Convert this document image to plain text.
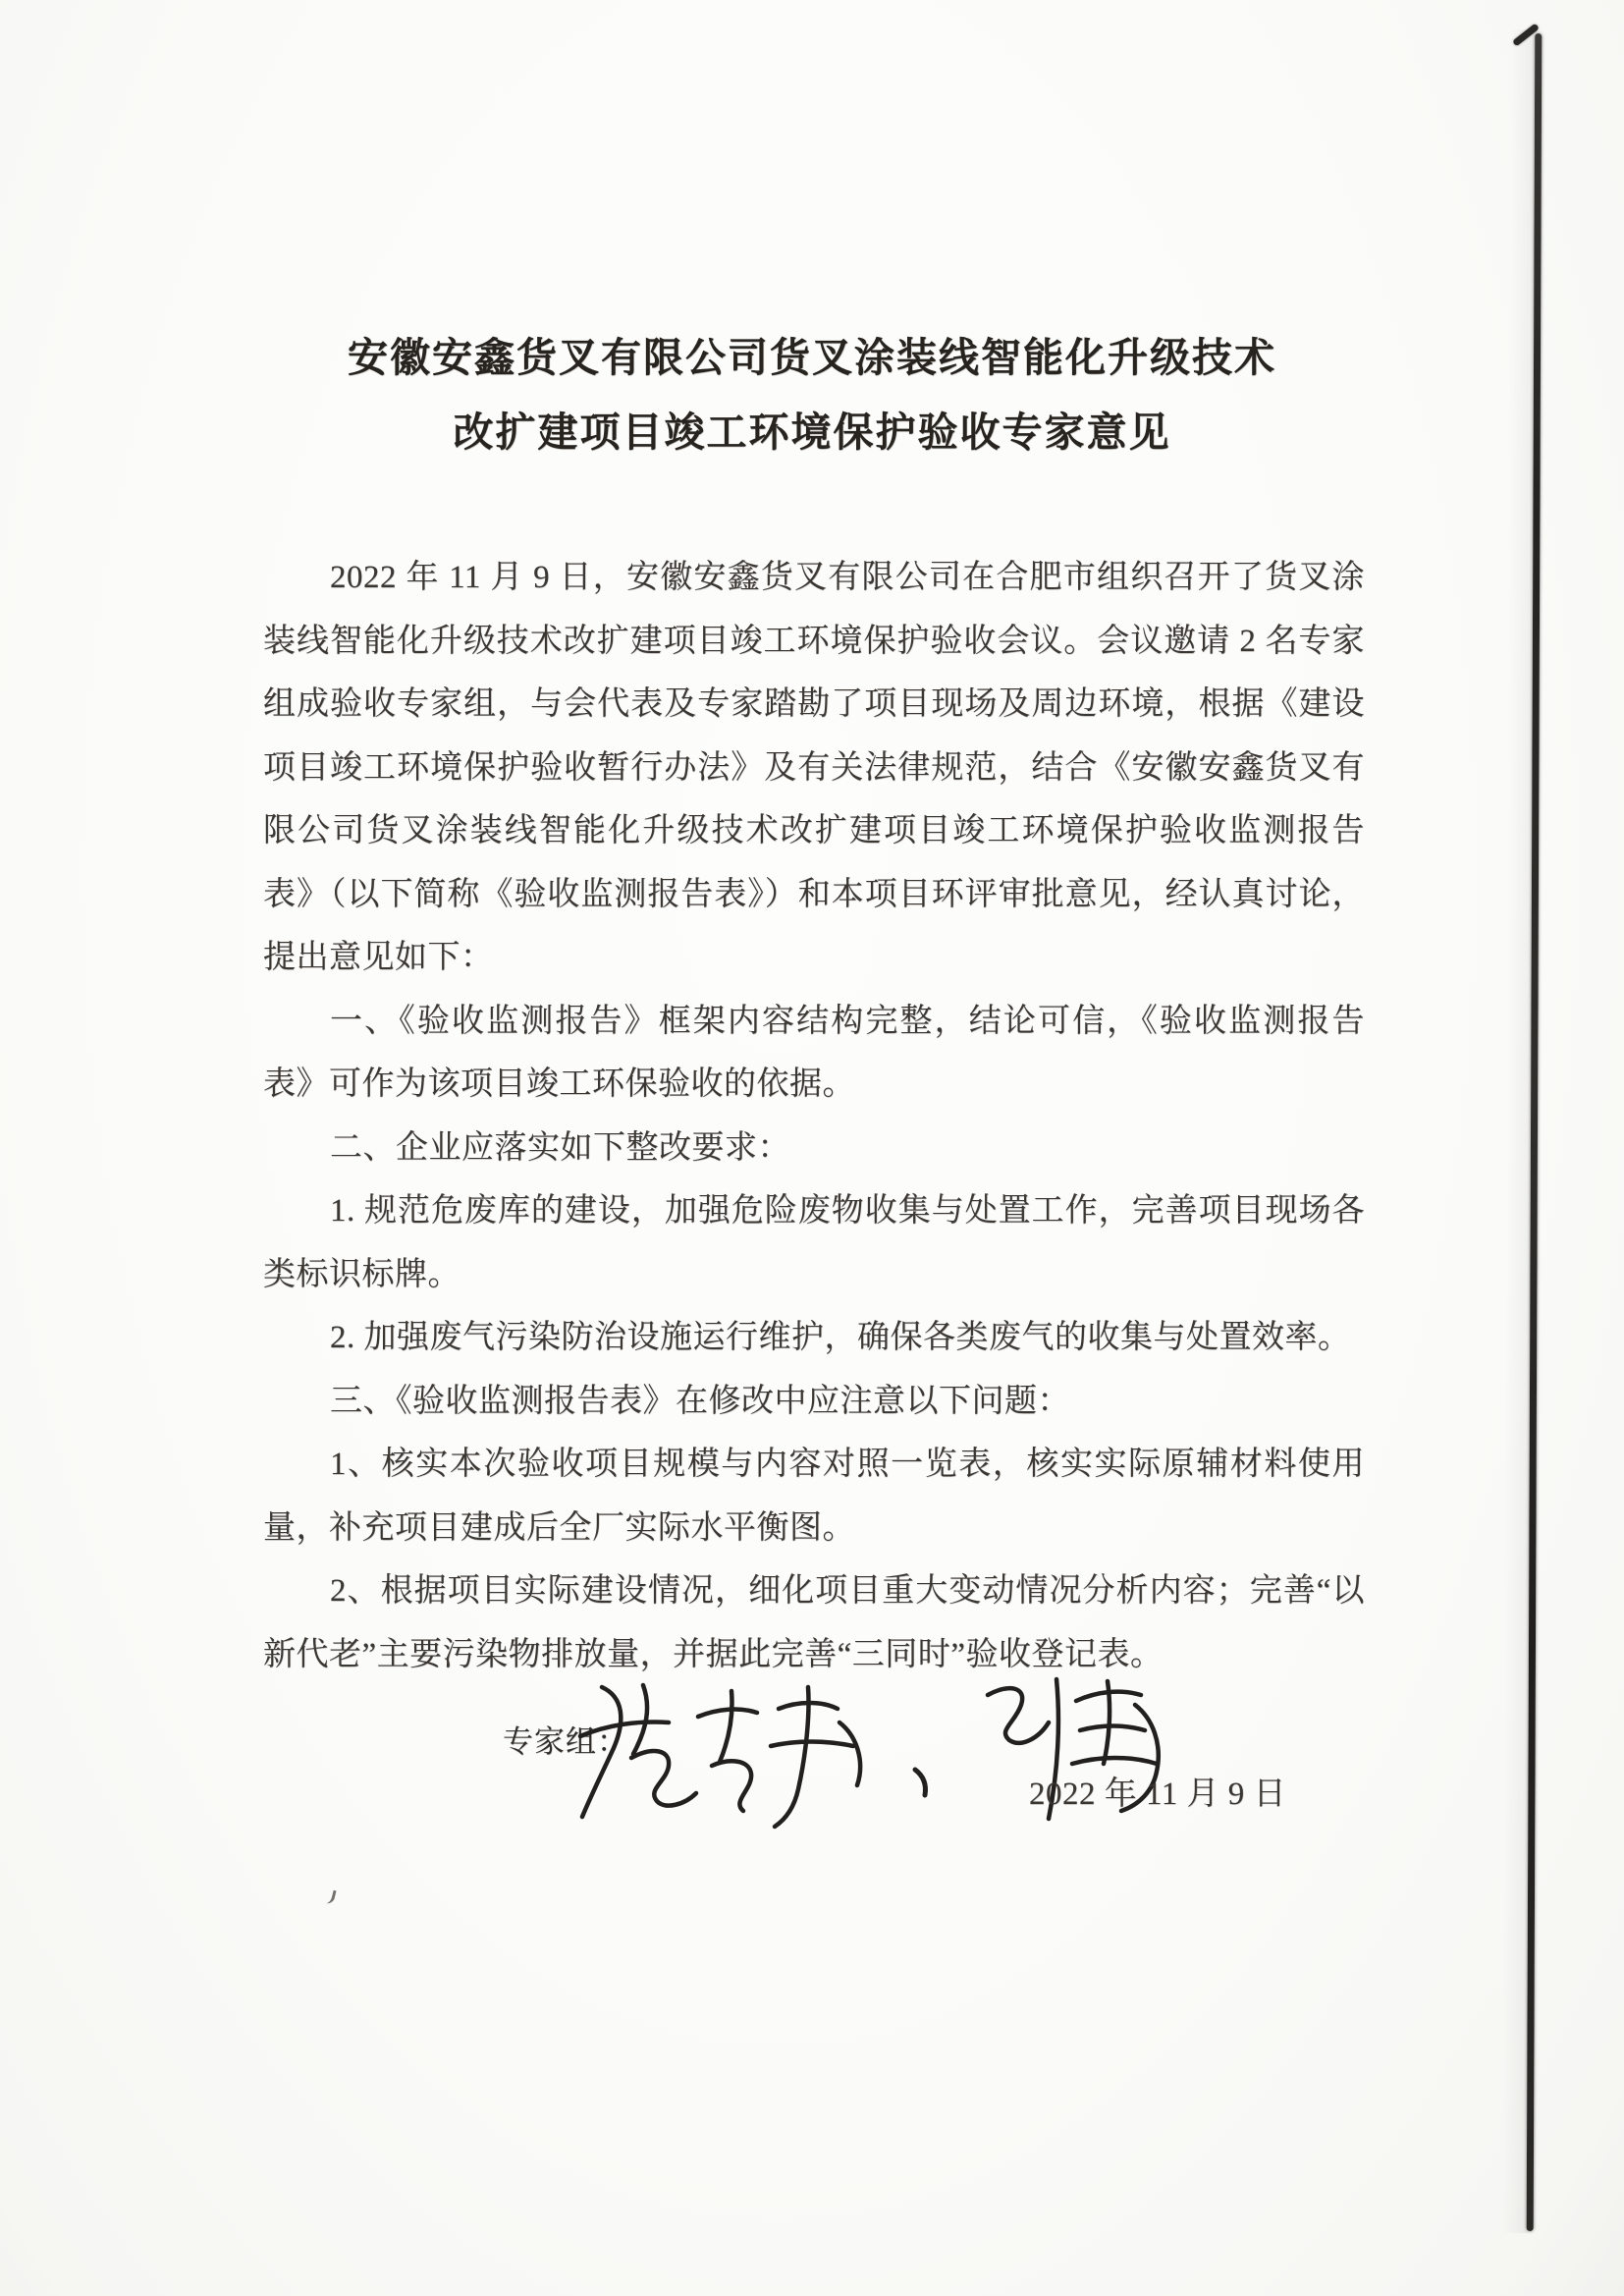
安徽安鑫货叉有限公司货叉涂装线智能化升级技术
改扩建项目竣工环境保护验收专家意见

2022 年 11 月 9 日，安徽安鑫货叉有限公司在合肥市组织召开了货叉涂装线智能化升级技术改扩建项目竣工环境保护验收会议。会议邀请 2 名专家组成验收专家组，与会代表及专家踏勘了项目现场及周边环境，根据《建设项目竣工环境保护验收暂行办法》及有关法律规范，结合《安徽安鑫货叉有限公司货叉涂装线智能化升级技术改扩建项目竣工环境保护验收监测报告表》（以下简称《验收监测报告表》）和本项目环评审批意见，经认真讨论，提出意见如下：

一、《验收监测报告》框架内容结构完整，结论可信，《验收监测报告表》可作为该项目竣工环保验收的依据。

二、企业应落实如下整改要求：

1. 规范危废库的建设，加强危险废物收集与处置工作，完善项目现场各类标识标牌。

2. 加强废气污染防治设施运行维护，确保各类废气的收集与处置效率。

三、《验收监测报告表》在修改中应注意以下问题：

1、核实本次验收项目规模与内容对照一览表，核实实际原辅材料使用量，补充项目建成后全厂实际水平衡图。

2、根据项目实际建设情况，细化项目重大变动情况分析内容；完善“以新代老”主要污染物排放量，并据此完善“三同时”验收登记表。

专家组：
2022 年 11 月 9 日
